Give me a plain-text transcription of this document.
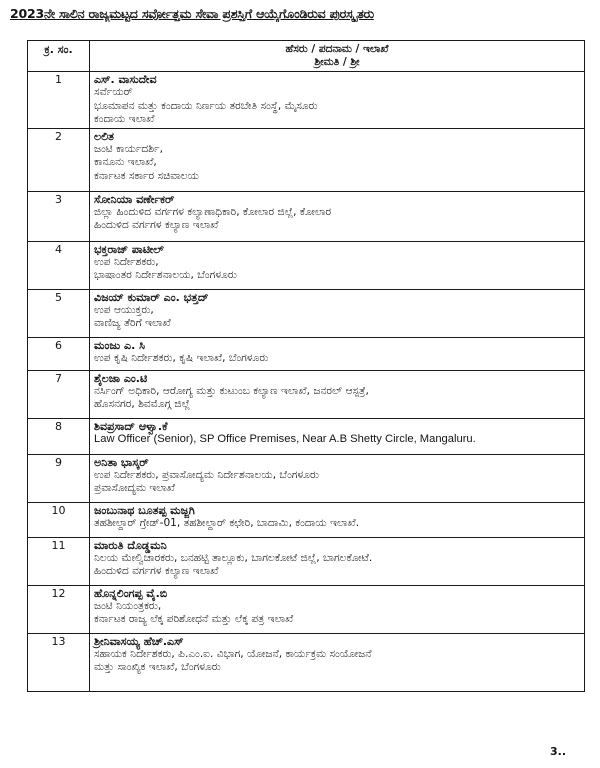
2023ನೇ ಸಾಲಿನ ರಾಜ್ಯಮಟ್ಟದ ಸರ್ವೋತ್ತಮ ಸೇವಾ ಪ್ರಶಸ್ತಿಗೆ ಆಯ್ಕೆಗೊಂಡಿರುವ ಪುರಸ್ಕೃತರು
ಕ್ರ. ಸಂ.	ಹೆಸರು / ಪದನಾಮ / ಇಲಾಖೆ
ಶ್ರೀಮತಿ / ಶ್ರೀ

1	ಎಸ್. ವಾಸುದೇವ
ಸರ್ವೆಯರ್
ಭೂಮಾಪನ ಮತ್ತು ಕಂದಾಯ ನಿರ್ಣಯ ತರಬೇತಿ ಸಂಸ್ಥೆ, ಮೈಸೂರು
ಕಂದಾಯ ಇಲಾಖೆ

2	ಲಲಿತ
ಜಂಟಿ ಕಾರ್ಯದರ್ಶಿ,
ಕಾನೂನು ಇಲಾಖೆ,
ಕರ್ನಾಟಕ ಸರ್ಕಾರ ಸಚಿವಾಲಯ

3	ಸೋನಿಯಾ ವರ್ಣೇಕರ್
ಜಿಲ್ಲಾ ಹಿಂದುಳಿದ ವರ್ಗಗಳ ಕಲ್ಯಾಣಾಧಿಕಾರಿ, ಕೋಲಾರ ಜಿಲ್ಲೆ, ಕೋಲಾರ
ಹಿಂದುಳಿದ ವರ್ಗಗಳ ಕಲ್ಯಾಣ ಇಲಾಖೆ

4	ಭಕ್ತರಾಜ್ ಪಾಟೀಲ್
ಉಪ ನಿರ್ದೇಶಕರು,
ಭಾಷಾಂತರ ನಿರ್ದೇಶನಾಲಯ, ಬೆಂಗಳೂರು

5	ವಿಜಯ್ ಕುಮಾರ್ ಎಂ. ಭತ್ತದ್
ಉಪ ಆಯುಕ್ತರು,
ವಾಣಿಜ್ಯ ತೆರಿಗೆ ಇಲಾಖೆ

6	ಮಂಜು ಎ. ಸಿ
ಉಪ ಕೃಷಿ ನಿರ್ದೇಶಕರು, ಕೃಷಿ ಇಲಾಖೆ, ಬೆಂಗಳೂರು

7	ಶೈಲಜಾ ಎಂ.ಟಿ
ನರ್ಸಿಂಗ್ ಅಧಿಕಾರಿ, ಆರೋಗ್ಯ ಮತ್ತು ಕುಟುಂಬ ಕಲ್ಯಾಣ ಇಲಾಖೆ, ಜನರಲ್ ಆಸ್ಪತ್ರೆ,
ಹೊಸನಗರ, ಶಿವಮೊಗ್ಗ ಜಿಲ್ಲೆ

8	ಶಿವಪ್ರಸಾದ್ ಆಳ್ವಾ.ಕೆ
Law Officer (Senior), SP Office Premises, Near A.B Shetty Circle, Mangaluru.

9	ಅನಿತಾ ಭಾಸ್ಕರ್
ಉಪ ನಿರ್ದೇಶಕರು, ಪ್ರವಾಸೋದ್ಯಮ ನಿರ್ದೇಶನಾಲಯ, ಬೆಂಗಳೂರು
ಪ್ರವಾಸೋದ್ಯಮ ಇಲಾಖೆ

10	ಜಂಬುನಾಥ ಬೂತಪ್ಪ ಮಜ್ಜಗಿ
ತಹಶೀಲ್ದಾರ್ ಗ್ರೇಡ್-01, ತಹಶೀಲ್ದಾರ್ ಕಛೇರಿ, ಬಾದಾಮಿ, ಕಂದಾಯ ಇಲಾಖೆ.

11	ಮಾರುತಿ ದೊಡ್ಡಮನಿ
ನಿಲಯ ಮೇಲ್ವಿಚಾರಕರು, ಬನಹಟ್ಟಿ ತಾಲ್ಲೂಕು, ಬಾಗಲಕೋಟೆ ಜಿಲ್ಲೆ, ಬಾಗಲಕೋಟೆ.
ಹಿಂದುಳಿದ ವರ್ಗಗಳ ಕಲ್ಯಾಣ ಇಲಾಖೆ

12	ಹೊನ್ನಲಿಂಗಪ್ಪ ವೈ.ಬಿ
ಜಂಟಿ ನಿಯಂತ್ರಕರು,
ಕರ್ನಾಟಕ ರಾಜ್ಯ ಲೆಕ್ಕ ಪರಿಶೋಧನೆ ಮತ್ತು ಲೆಕ್ಕ ಪತ್ರ ಇಲಾಖೆ

13	ಶ್ರೀನಿವಾಸಯ್ಯ ಹೆಚ್.ಎಸ್
ಸಹಾಯಕ ನಿರ್ದೇಶಕರು, ಪಿ.ಎಂ.ಐ. ವಿಭಾಗ, ಯೋಜನೆ, ಕಾರ್ಯಕ್ರಮ ಸಂಯೋಜನೆ
ಮತ್ತು ಸಾಂಖ್ಯಿಕ ಇಲಾಖೆ, ಬೆಂಗಳೂರು
3..
